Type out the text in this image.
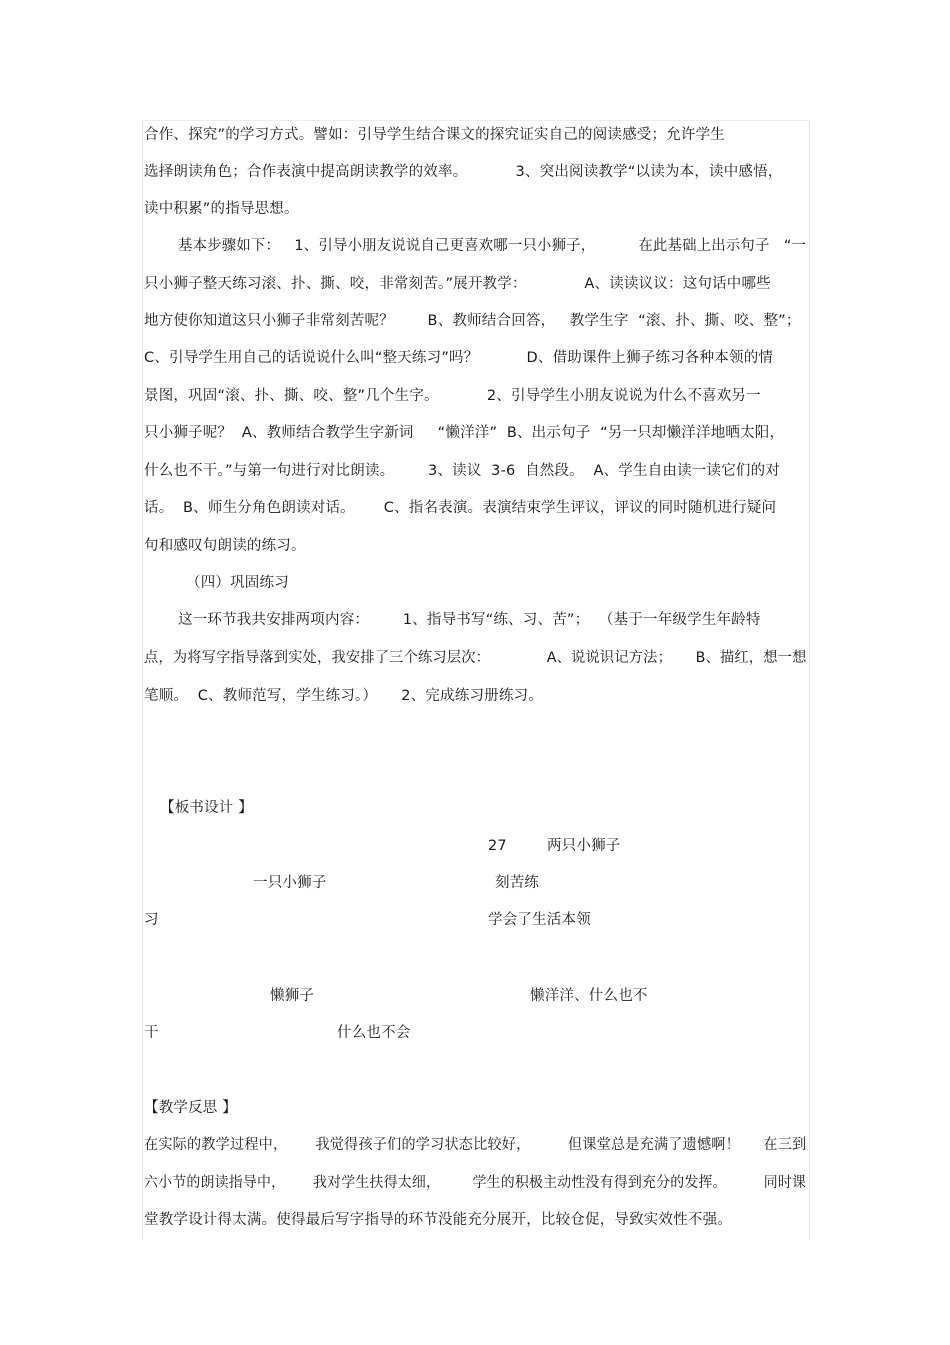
合作、探究”的学习方式。譬如：引导学生结合课文的探究证实自己的阅读感受；允许学生
选择朗读角色；合作表演中提高朗读教学的效率。          3、突出阅读教学“以读为本，读中感悟，
读中积累”的指导思想。
基本步骤如下：   1、引导小朋友说说自己更喜欢哪一只小狮子，         在此基础上出示句子   “一
只小狮子整天练习滚、扑、撕、咬，非常刻苦。”展开教学：            A、读读议议：这句话中哪些
地方使你知道这只小狮子非常刻苦呢？       B、教师结合回答，   教学生字  “滚、扑、撕、咬、整”；
C、引导学生用自己的话说说什么叫“整天练习”吗？          D、借助课件上狮子练习各种本领的情
景图，巩固“滚、扑、撕、咬、整”几个生字。          2、引导学生小朋友说说为什么不喜欢另一
只小狮子呢？  A、教师结合教学生字新词     “懒洋洋”  B、出示句子  “另一只却懒洋洋地晒太阳，
什么也不干。”与第一句进行对比朗读。       3、读议  3-6  自然段。  A、学生自由读一读它们的对
话。  B、师生分角色朗读对话。      C、指名表演。表演结束学生评议，评议的同时随机进行疑问
句和感叹句朗读的练习。
（四）巩固练习
这一环节我共安排两项内容：       1、指导书写“练、习、苦”；  （基于一年级学生年龄特
点，为将写字指导落到实处，我安排了三个练习层次：            A、说说识记方法；     B、描红，想一想
笔顺。  C、教师范写，学生练习。）     2、完成练习册练习。
【板书设计 】
27	两只小狮子
一只小狮子	刻苦练
习	学会了生活本领
懒狮子	懒洋洋、什么也不
干	什么也不会
【教学反思 】
在实际的教学过程中，      我觉得孩子们的学习状态比较好，        但课堂总是充满了遗憾啊！     在三到
六小节的朗读指导中，      我对学生扶得太细，       学生的积极主动性没有得到充分的发挥。        同时课
堂教学设计得太满。使得最后写字指导的环节没能充分展开，比较仓促，导致实效性不强。
